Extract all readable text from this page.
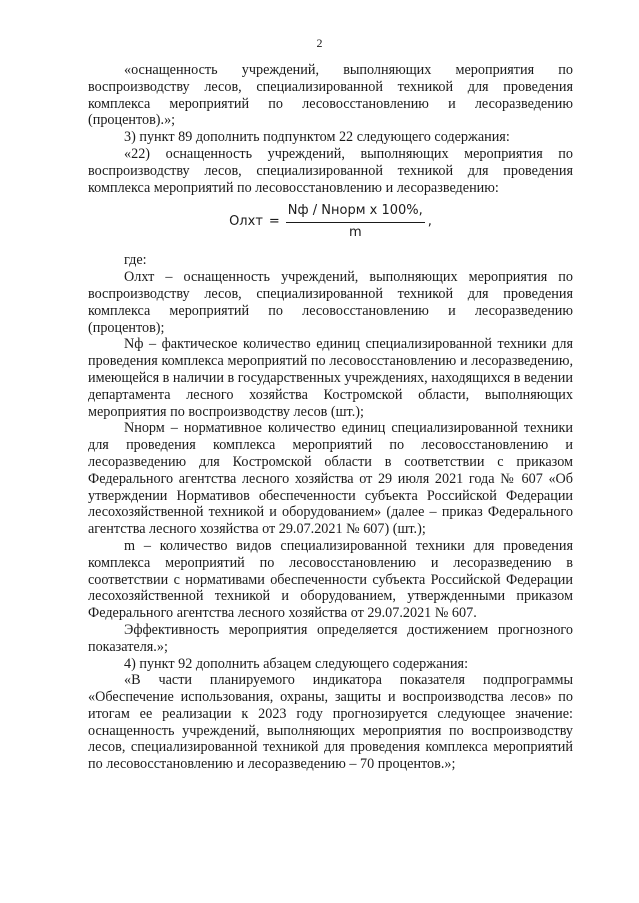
2

«оснащенность учреждений, выполняющих мероприятия по воспроизводству лесов, специализированной техникой для проведения комплекса мероприятий по лесовосстановлению и лесоразведению (процентов).»;

3) пункт 89 дополнить подпунктом 22 следующего содержания:

«22) оснащенность учреждений, выполняющих мероприятия по воспроизводству лесов, специализированной техникой для проведения комплекса мероприятий по лесовосстановлению и лесоразведению:

Олхт = $\frac{\text{Nф / Nнорм х 100\%,}}{m}$ ,

где:

Олхт – оснащенность учреждений, выполняющих мероприятия по воспроизводству лесов, специализированной техникой для проведения комплекса мероприятий по лесовосстановлению и лесоразведению (процентов);

Nф – фактическое количество единиц специализированной техники для проведения комплекса мероприятий по лесовосстановлению и лесоразведению, имеющейся в наличии в государственных учреждениях, находящихся в ведении департамента лесного хозяйства Костромской области, выполняющих мероприятия по воспроизводству лесов (шт.);

Nнорм – нормативное количество единиц специализированной техники для проведения комплекса мероприятий по лесовосстановлению и лесоразведению для Костромской области в соответствии с приказом Федерального агентства лесного хозяйства от 29 июля 2021 года № 607 «Об утверждении Нормативов обеспеченности субъекта Российской Федерации лесохозяйственной техникой и оборудованием» (далее – приказ Федерального агентства лесного хозяйства от 29.07.2021 № 607) (шт.);

m – количество видов специализированной техники для проведения комплекса мероприятий по лесовосстановлению и лесоразведению в соответствии с нормативами обеспеченности субъекта Российской Федерации лесохозяйственной техникой и оборудованием, утвержденными приказом Федерального агентства лесного хозяйства от 29.07.2021 № 607.

Эффективность мероприятия определяется достижением прогнозного показателя.»;

4) пункт 92 дополнить абзацем следующего содержания:

«В части планируемого индикатора показателя подпрограммы «Обеспечение использования, охраны, защиты и воспроизводства лесов» по итогам ее реализации к 2023 году прогнозируется следующее значение: оснащенность учреждений, выполняющих мероприятия по воспроизводству лесов, специализированной техникой для проведения комплекса мероприятий по лесовосстановлению и лесоразведению – 70 процентов.»;
